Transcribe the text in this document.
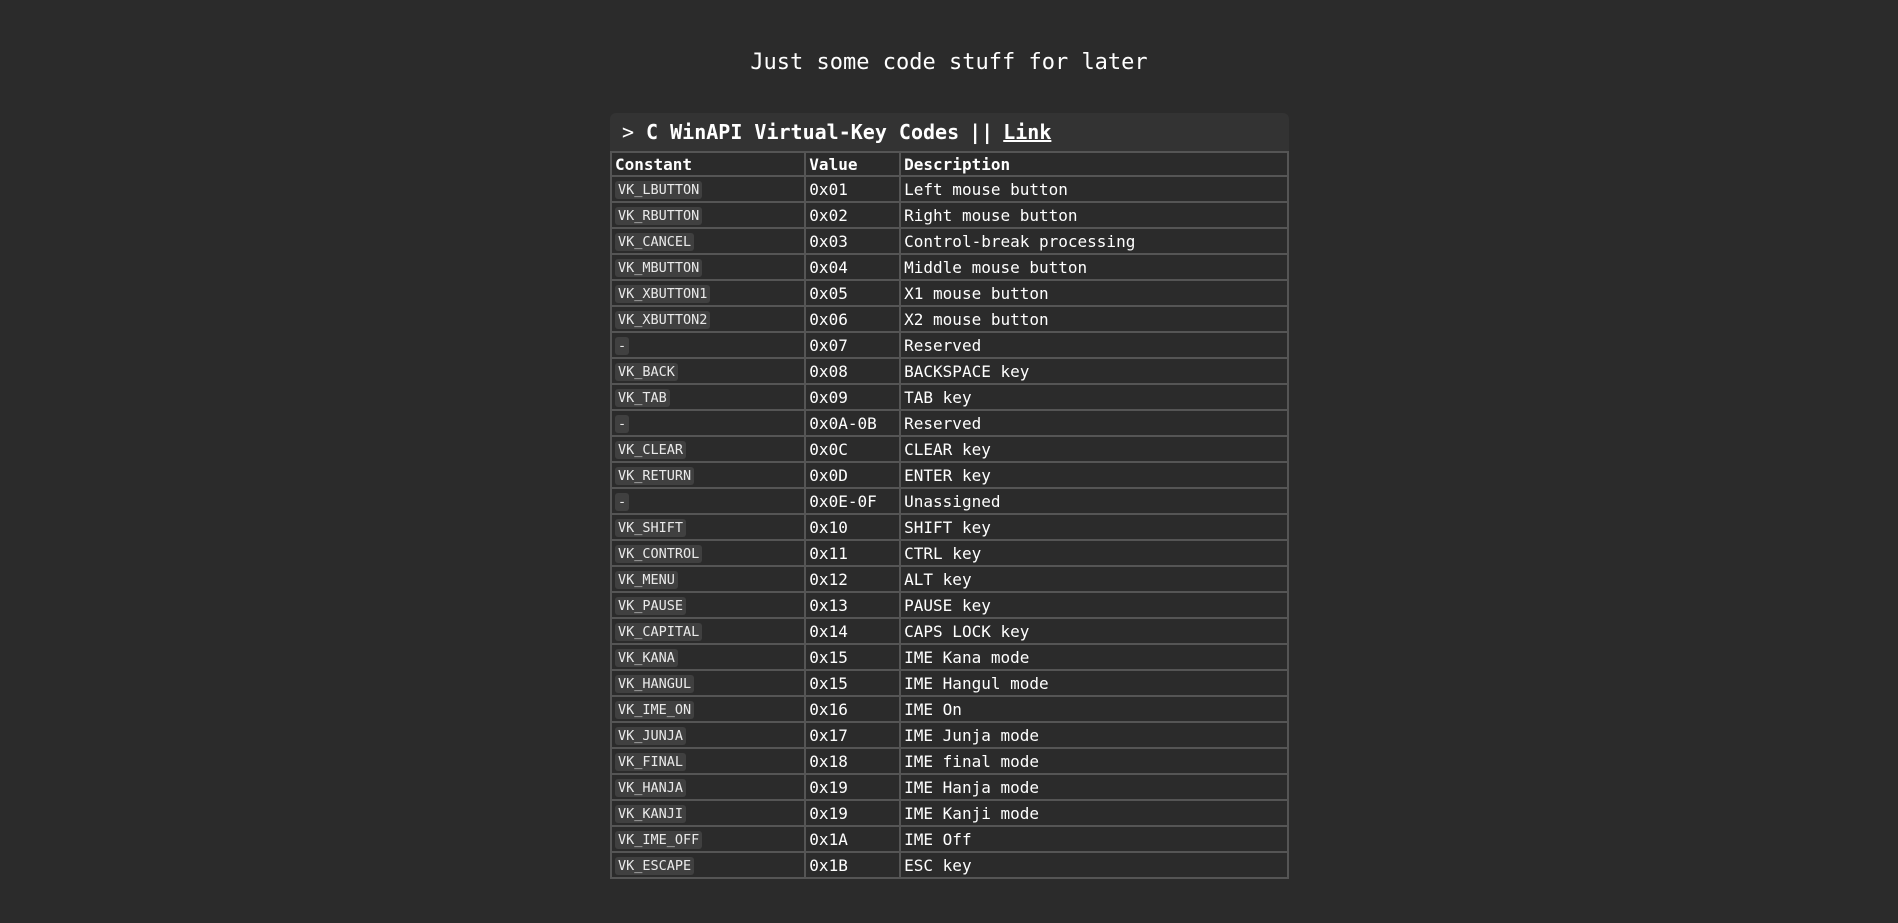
Just some code stuff for later
> C WinAPI Virtual-Key Codes || Link
Constant	Value	Description
VK_LBUTTON	0x01	Left mouse button
VK_RBUTTON	0x02	Right mouse button
VK_CANCEL	0x03	Control-break processing
VK_MBUTTON	0x04	Middle mouse button
VK_XBUTTON1	0x05	X1 mouse button
VK_XBUTTON2	0x06	X2 mouse button
-	0x07	Reserved
VK_BACK	0x08	BACKSPACE key
VK_TAB	0x09	TAB key
-	0x0A-0B	Reserved
VK_CLEAR	0x0C	CLEAR key
VK_RETURN	0x0D	ENTER key
-	0x0E-0F	Unassigned
VK_SHIFT	0x10	SHIFT key
VK_CONTROL	0x11	CTRL key
VK_MENU	0x12	ALT key
VK_PAUSE	0x13	PAUSE key
VK_CAPITAL	0x14	CAPS LOCK key
VK_KANA	0x15	IME Kana mode
VK_HANGUL	0x15	IME Hangul mode
VK_IME_ON	0x16	IME On
VK_JUNJA	0x17	IME Junja mode
VK_FINAL	0x18	IME final mode
VK_HANJA	0x19	IME Hanja mode
VK_KANJI	0x19	IME Kanji mode
VK_IME_OFF	0x1A	IME Off
VK_ESCAPE	0x1B	ESC key
